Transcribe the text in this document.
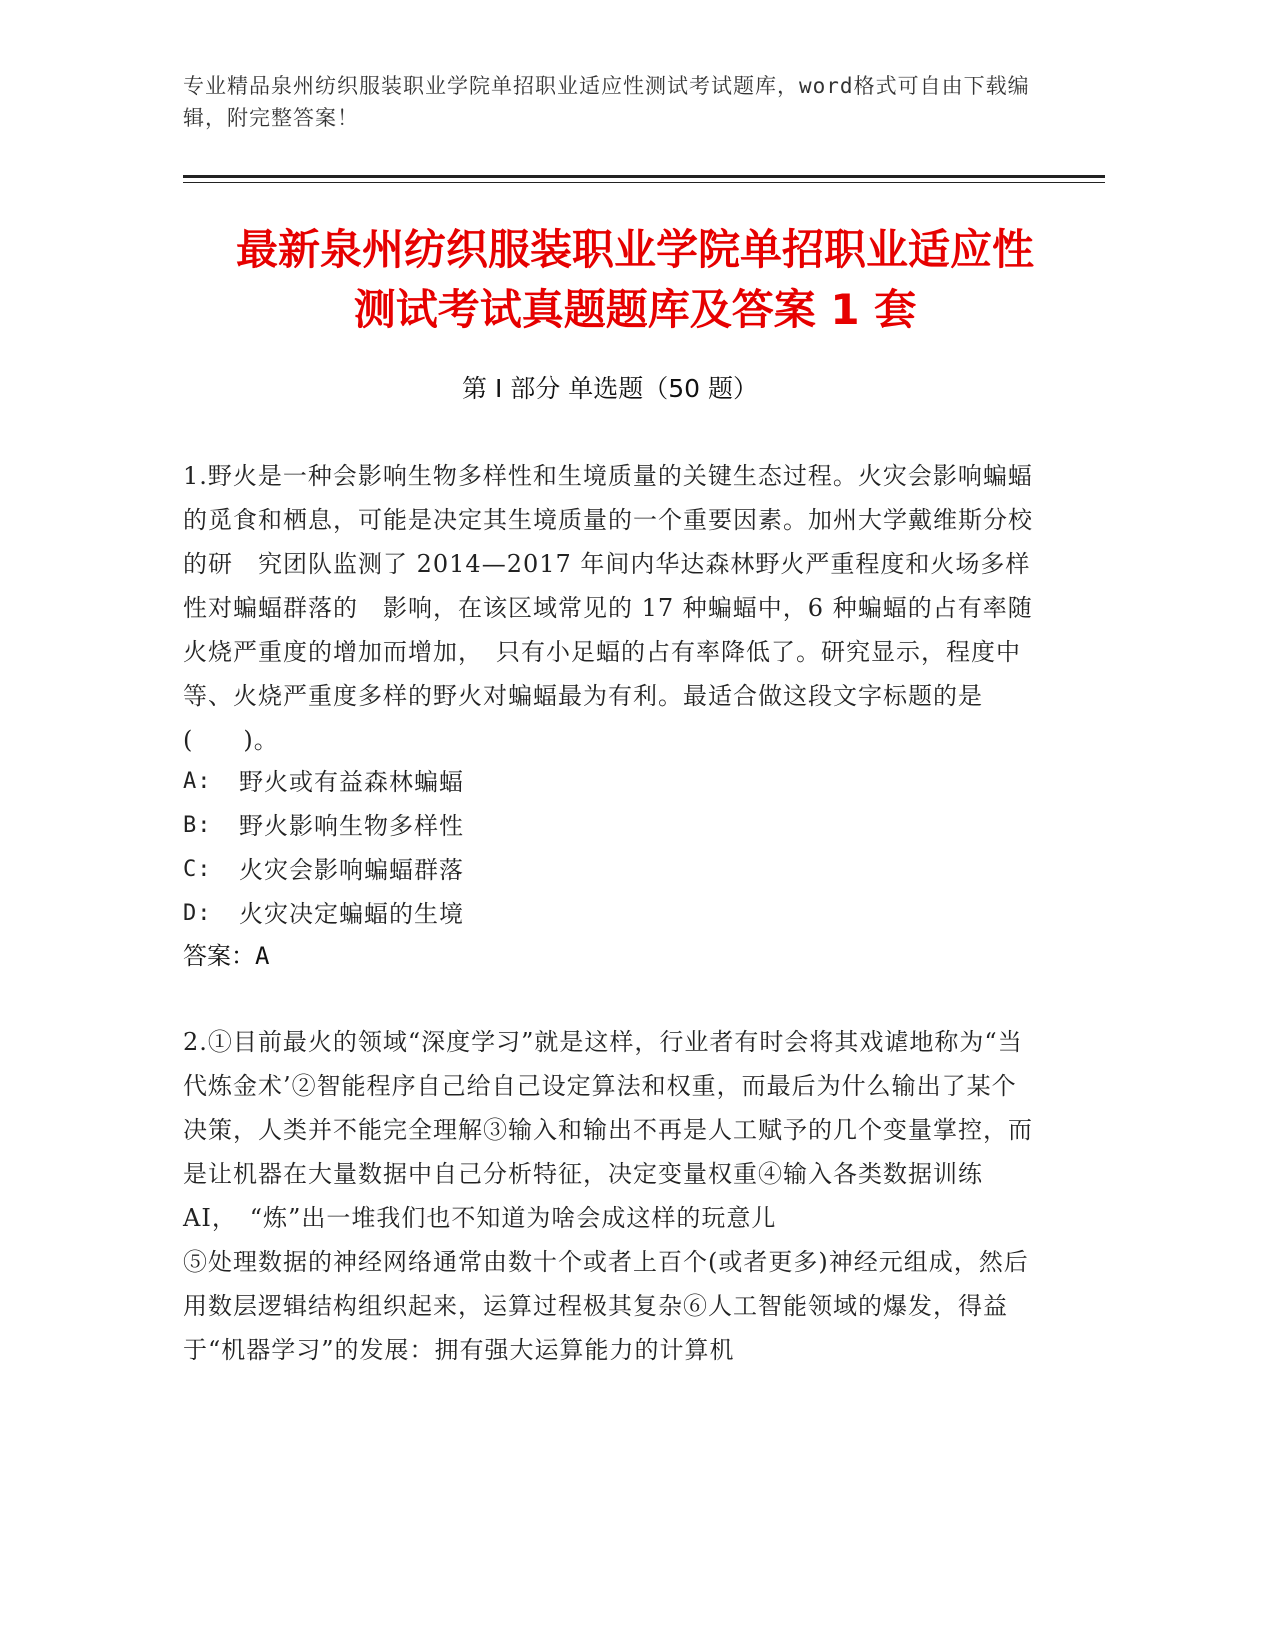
专业精品泉州纺织服装职业学院单招职业适应性测试考试题库，word格式可自由下载编辑，附完整答案！
最新泉州纺织服装职业学院单招职业适应性
测试考试真题题库及答案 1 套
第 I 部分 单选题（50 题）
1.野火是一种会影响生物多样性和生境质量的关键生态过程。火灾会影响蝙蝠 的觅食和栖息，可能是决定其生境质量的一个重要因素。加州大学戴维斯分校的研　究团队监测了 2014—2017 年间内华达森林野火严重程度和火场多样性对蝙蝠群落的　影响，在该区域常见的 17 种蝙蝠中，6 种蝙蝠的占有率随火烧严重度的增加而增加，　只有小足蝠的占有率降低了。研究显示，程度中等、火烧严重度多样的野火对蝙蝠最为有利。最适合做这段文字标题的是(　　)。
A:	野火或有益森林蝙蝠
B:	野火影响生物多样性
C:	火灾会影响蝙蝠群落
D:	火灾决定蝙蝠的生境
答案：A
2.①目前最火的领域“深度学习”就是这样，行业者有时会将其戏谑地称为“当代炼金术’②智能程序自己给自己设定算法和权重，而最后为什么输出了某个决策，人类并不能完全理解③输入和输出不再是人工赋予的几个变量掌控，而是让机器在大量数据中自己分析特征，决定变量权重④输入各类数据训练 AI，　“炼”出一堆我们也不知道为啥会成这样的玩意儿
⑤处理数据的神经网络通常由数十个或者上百个(或者更多)神经元组成，然后用数层逻辑结构组织起来，运算过程极其复杂⑥人工智能领域的爆发，得益于“机器学习”的发展：拥有强大运算能力的计算机
